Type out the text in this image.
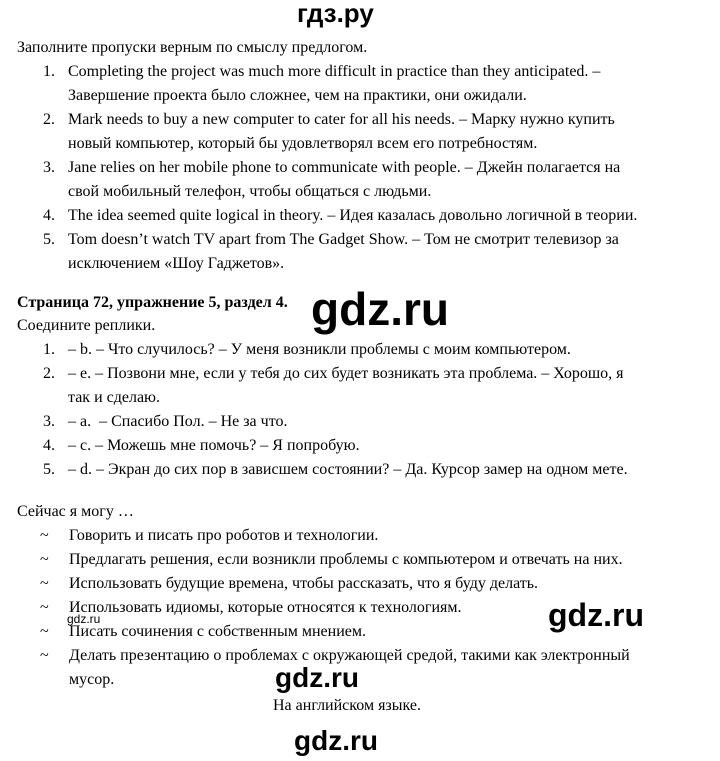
гдз.ру
gdz.ru
gdz.ru
gdz.ru
gdz.ru
gdz.ru
Заполните пропуски верным по смыслу предлогом.
1. Completing the project was much more difficult in practice than they anticipated. –
Завершение проекта было сложнее, чем на практики, они ожидали.
2. Mark needs to buy a new computer to cater for all his needs. – Марку нужно купить
новый компьютер, который бы удовлетворял всем его потребностям.
3. Jane relies on her mobile phone to communicate with people. – Джейн полагается на
свой мобильный телефон, чтобы общаться с людьми.
4. The idea seemed quite logical in theory. – Идея казалась довольно логичной в теории.
5. Tom doesn’t watch TV apart from The Gadget Show. – Том не смотрит телевизор за
исключением «Шоу Гаджетов».
Страница 72, упражнение 5, раздел 4.
Соедините реплики.
1. – b. – Что случилось? – У меня возникли проблемы с моим компьютером.
2. – e. – Позвони мне, если у тебя до сих будет возникать эта проблема. – Хорошо, я
так и сделаю.
3. – a.  – Спасибо Пол. – Не за что.
4. – c. – Можешь мне помочь? – Я попробую.
5. – d. – Экран до сих пор в зависшем состоянии? – Да. Курсор замер на одном мете.
Сейчас я могу …
~ Говорить и писать про роботов и технологии.
~ Предлагать решения, если возникли проблемы с компьютером и отвечать на них.
~ Использовать будущие времена, чтобы рассказать, что я буду делать.
~ Использовать идиомы, которые относятся к технологиям.
~ Писать сочинения с собственным мнением.
~ Делать презентацию о проблемах с окружающей средой, такими как электронный
мусор.
На английском языке.
